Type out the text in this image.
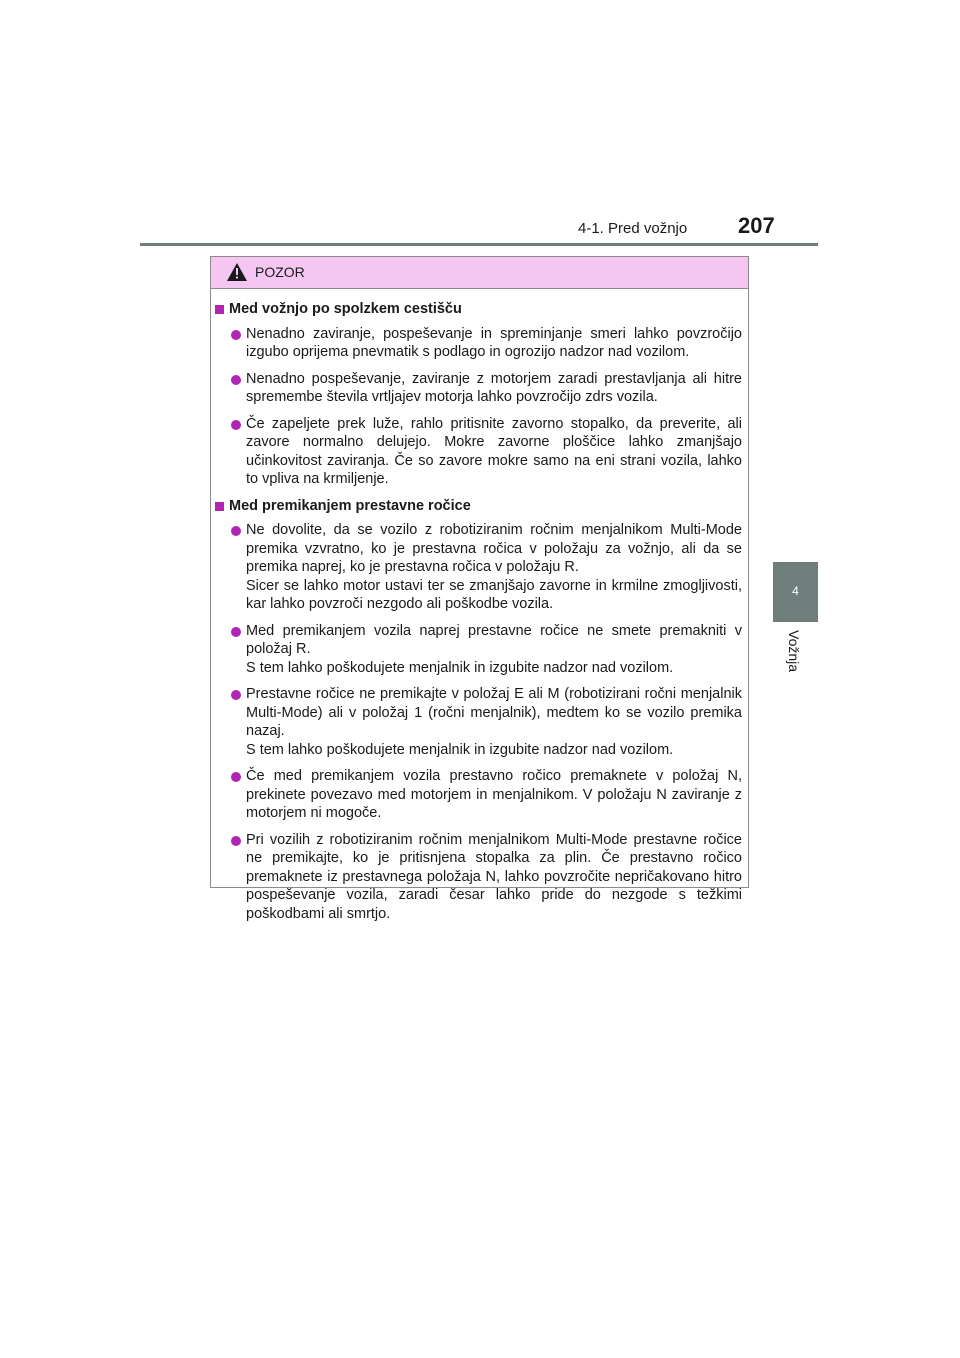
4-1. Pred vožnjo 207
4
Vožnja
POZOR
Med vožnjo po spolzkem cestišču

Nenadno zaviranje, pospeševanje in spreminjanje smeri lahko povzročijo izgubo oprijema pnevmatik s podlago in ogrozijo nadzor nad vozilom.

Nenadno pospeševanje, zaviranje z motorjem zaradi prestavljanja ali hitre spremembe števila vrtljajev motorja lahko povzročijo zdrs vozila.

Če zapeljete prek luže, rahlo pritisnite zavorno stopalko, da preverite, ali zavore normalno delujejo. Mokre zavorne ploščice lahko zmanjšajo učinkovitost zaviranja. Če so zavore mokre samo na eni strani vozila, lahko to vpliva na krmiljenje.

Med premikanjem prestavne ročice

Ne dovolite, da se vozilo z robotiziranim ročnim menjalnikom Multi-Mode premika vzvratno, ko je prestavna ročica v položaju za vožnjo, ali da se premika naprej, ko je prestavna ročica v položaju R.

Sicer se lahko motor ustavi ter se zmanjšajo zavorne in krmilne zmogljivosti, kar lahko povzroči nezgodo ali poškodbe vozila.

Med premikanjem vozila naprej prestavne ročice ne smete premakniti v položaj R.

S tem lahko poškodujete menjalnik in izgubite nadzor nad vozilom.

Prestavne ročice ne premikajte v položaj E ali M (robotizirani ročni menjalnik Multi-Mode) ali v položaj 1 (ročni menjalnik), medtem ko se vozilo premika nazaj.

S tem lahko poškodujete menjalnik in izgubite nadzor nad vozilom.

Če med premikanjem vozila prestavno ročico premaknete v položaj N, prekinete povezavo med motorjem in menjalnikom. V položaju N zaviranje z motorjem ni mogoče.

Pri vozilih z robotiziranim ročnim menjalnikom Multi-Mode prestavne ročice ne premikajte, ko je pritisnjena stopalka za plin. Če prestavno ročico premaknete iz prestavnega položaja N, lahko povzročite nepričakovano hitro pospeševanje vozila, zaradi česar lahko pride do nezgode s težkimi poškodbami ali smrtjo.
